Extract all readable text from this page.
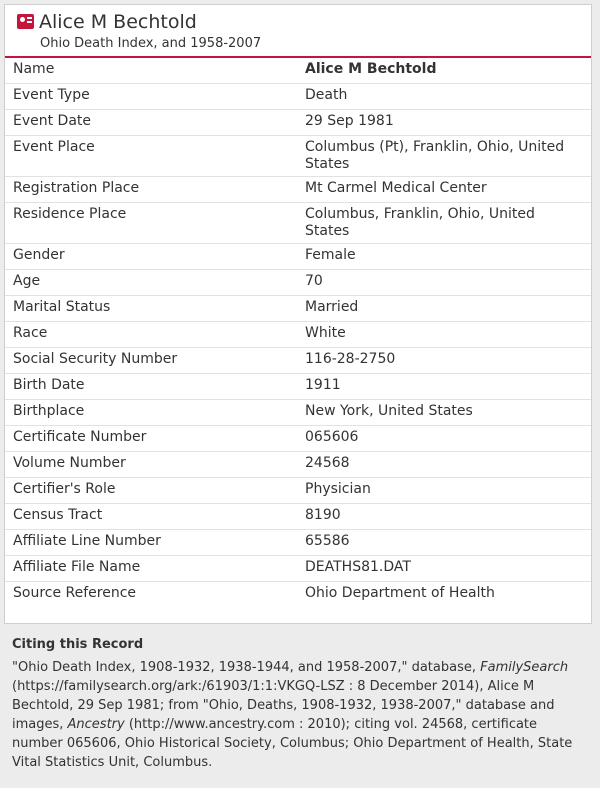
Alice M Bechtold
Ohio Death Index, and 1958-2007
Name	Alice M Bechtold
Event Type	Death
Event Date	29 Sep 1981
Event Place	Columbus (Pt), Franklin, Ohio, United States
Registration Place	Mt Carmel Medical Center
Residence Place	Columbus, Franklin, Ohio, United States
Gender	Female
Age	70
Marital Status	Married
Race	White
Social Security Number	116-28-2750
Birth Date	1911
Birthplace	New York, United States
Certificate Number	065606
Volume Number	24568
Certifier's Role	Physician
Census Tract	8190
Affiliate Line Number	65586
Affiliate File Name	DEATHS81.DAT
Source Reference	Ohio Department of Health
Citing this Record

"Ohio Death Index, 1908-1932, 1938-1944, and 1958-2007," database, FamilySearch (https://familysearch.org/ark:/61903/1:1:VKGQ-LSZ : 8 December 2014), Alice M Bechtold, 29 Sep 1981; from "Ohio, Deaths, 1908-1932, 1938-2007," database and images, Ancestry (http://www.ancestry.com : 2010); citing vol. 24568, certificate number 065606, Ohio Historical Society, Columbus; Ohio Department of Health, State Vital Statistics Unit, Columbus.
